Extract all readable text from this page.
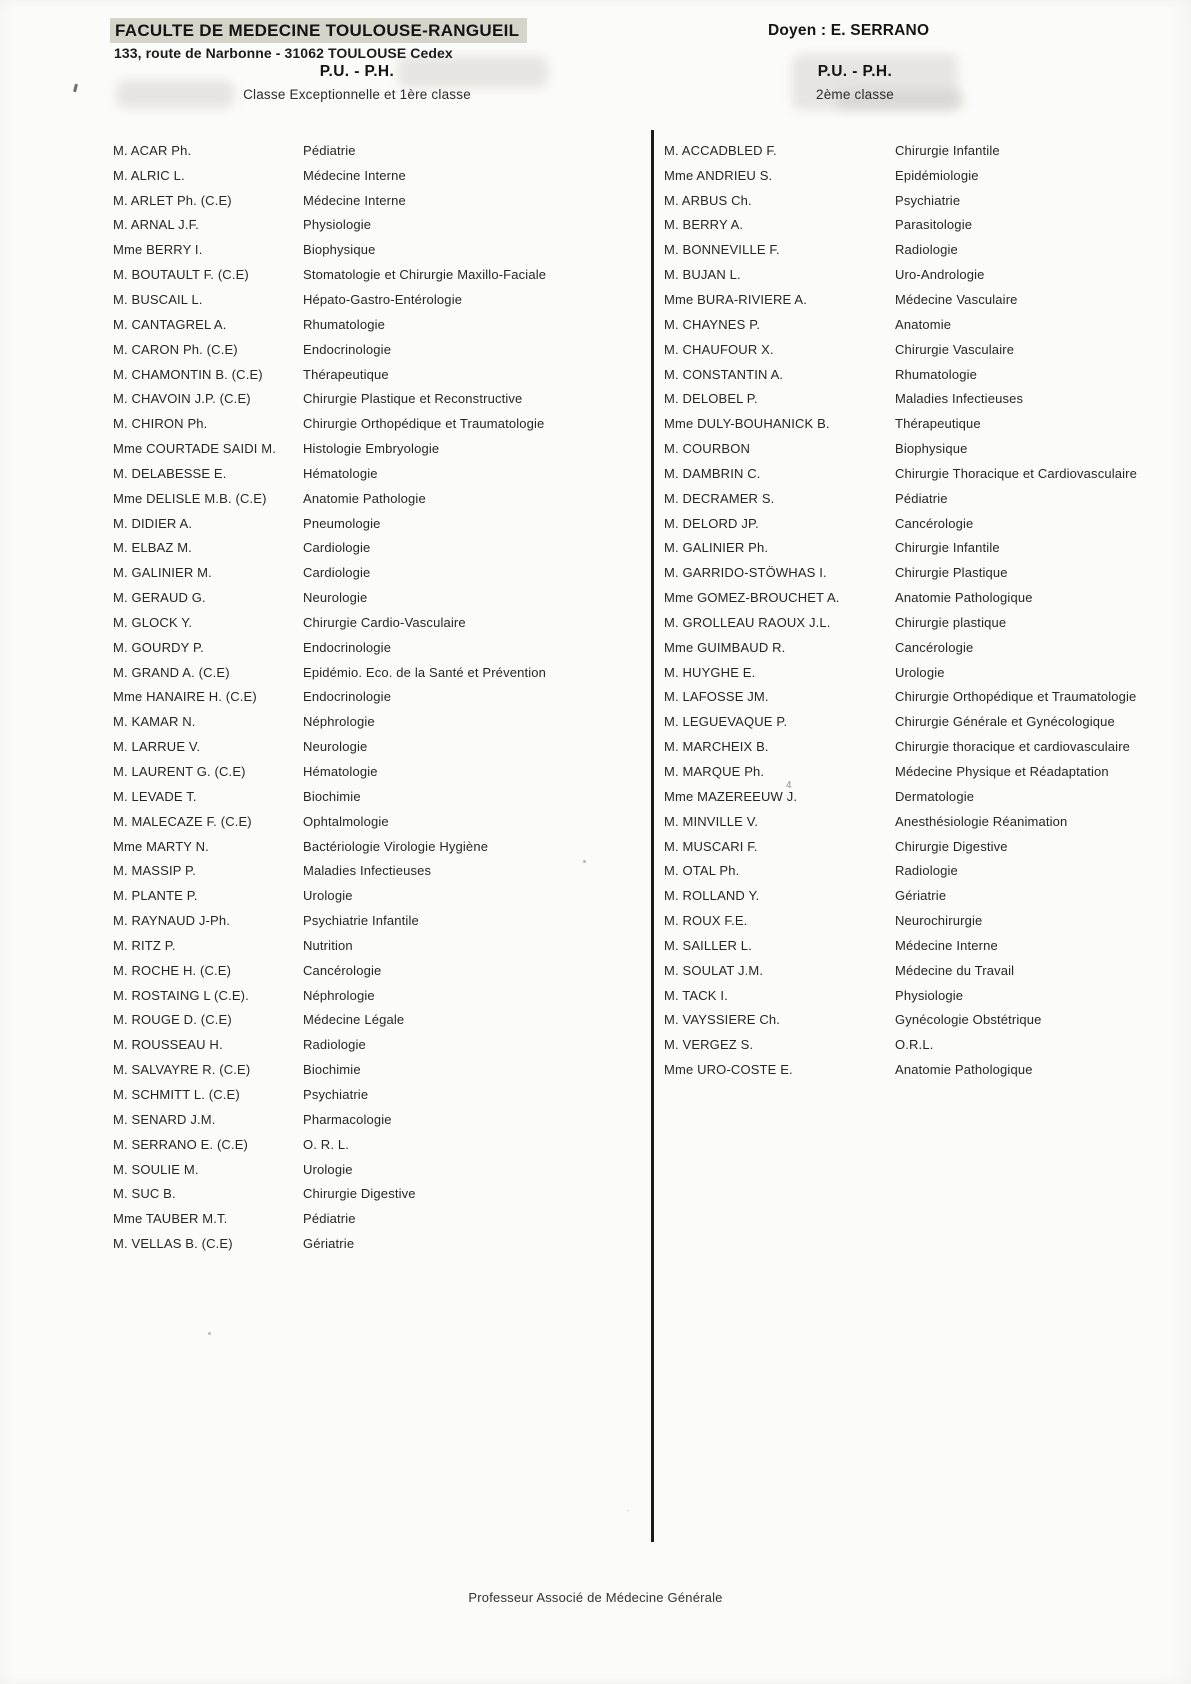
FACULTE DE MEDECINE TOULOUSE-RANGUEIL
133, route de Narbonne - 31062 TOULOUSE Cedex
Doyen : E. SERRANO
P.U. - P.H.
Classe Exceptionnelle et 1ère classe
P.U. - P.H.
2ème classe
M. ACAR Ph.	Pédiatrie
M. ALRIC L.	Médecine Interne
M. ARLET Ph. (C.E)	Médecine Interne
M. ARNAL J.F.	Physiologie
Mme BERRY I.	Biophysique
M. BOUTAULT F. (C.E)	Stomatologie et Chirurgie Maxillo-Faciale
M. BUSCAIL L.	Hépato-Gastro-Entérologie
M. CANTAGREL A.	Rhumatologie
M. CARON Ph. (C.E)	Endocrinologie
M. CHAMONTIN B. (C.E)	Thérapeutique
M. CHAVOIN J.P. (C.E)	Chirurgie Plastique et Reconstructive
M. CHIRON Ph.	Chirurgie Orthopédique et Traumatologie
Mme COURTADE SAIDI M.	Histologie Embryologie
M. DELABESSE E.	Hématologie
Mme DELISLE M.B. (C.E)	Anatomie Pathologie
M. DIDIER A.	Pneumologie
M. ELBAZ M.	Cardiologie
M. GALINIER M.	Cardiologie
M. GERAUD G.	Neurologie
M. GLOCK Y.	Chirurgie Cardio-Vasculaire
M. GOURDY P.	Endocrinologie
M. GRAND A. (C.E)	Epidémio. Eco. de la Santé et Prévention
Mme HANAIRE H. (C.E)	Endocrinologie
M. KAMAR N.	Néphrologie
M. LARRUE V.	Neurologie
M. LAURENT G. (C.E)	Hématologie
M. LEVADE T.	Biochimie
M. MALECAZE F. (C.E)	Ophtalmologie
Mme MARTY N.	Bactériologie Virologie Hygiène
M. MASSIP P.	Maladies Infectieuses
M. PLANTE P.	Urologie
M. RAYNAUD J-Ph.	Psychiatrie Infantile
M. RITZ P.	Nutrition
M. ROCHE H. (C.E)	Cancérologie
M. ROSTAING L (C.E).	Néphrologie
M. ROUGE D. (C.E)	Médecine Légale
M. ROUSSEAU H.	Radiologie
M. SALVAYRE R. (C.E)	Biochimie
M. SCHMITT L. (C.E)	Psychiatrie
M. SENARD J.M.	Pharmacologie
M. SERRANO E. (C.E)	O. R. L.
M. SOULIE M.	Urologie
M. SUC B.	Chirurgie Digestive
Mme TAUBER M.T.	Pédiatrie
M. VELLAS B. (C.E)	Gériatrie
M. ACCADBLED F.	Chirurgie Infantile
Mme ANDRIEU S.	Epidémiologie
M. ARBUS Ch.	Psychiatrie
M. BERRY A.	Parasitologie
M. BONNEVILLE F.	Radiologie
M. BUJAN L.	Uro-Andrologie
Mme BURA-RIVIERE A.	Médecine Vasculaire
M. CHAYNES P.	Anatomie
M. CHAUFOUR X.	Chirurgie Vasculaire
M. CONSTANTIN A.	Rhumatologie
M. DELOBEL P.	Maladies Infectieuses
Mme DULY-BOUHANICK B.	Thérapeutique
M. COURBON	Biophysique
M. DAMBRIN C.	Chirurgie Thoracique et Cardiovasculaire
M. DECRAMER S.	Pédiatrie
M. DELORD JP.	Cancérologie
M. GALINIER Ph.	Chirurgie Infantile
M. GARRIDO-STÖWHAS I.	Chirurgie Plastique
Mme GOMEZ-BROUCHET A.	Anatomie Pathologique
M. GROLLEAU RAOUX J.L.	Chirurgie plastique
Mme GUIMBAUD R.	Cancérologie
M. HUYGHE E.	Urologie
M. LAFOSSE JM.	Chirurgie Orthopédique et Traumatologie
M. LEGUEVAQUE P.	Chirurgie Générale et Gynécologique
M. MARCHEIX B.	Chirurgie thoracique et cardiovasculaire
M. MARQUE Ph.	Médecine Physique et Réadaptation
Mme MAZEREEUW J.	Dermatologie
M. MINVILLE V.	Anesthésiologie Réanimation
M. MUSCARI F.	Chirurgie Digestive
M. OTAL Ph.	Radiologie
M. ROLLAND Y.	Gériatrie
M. ROUX F.E.	Neurochirurgie
M. SAILLER L.	Médecine Interne
M. SOULAT J.M.	Médecine du Travail
M. TACK I.	Physiologie
M. VAYSSIERE Ch.	Gynécologie Obstétrique
M. VERGEZ S.	O.R.L.
Mme URO-COSTE E.	Anatomie Pathologique
Professeur Associé de Médecine Générale
·
4
